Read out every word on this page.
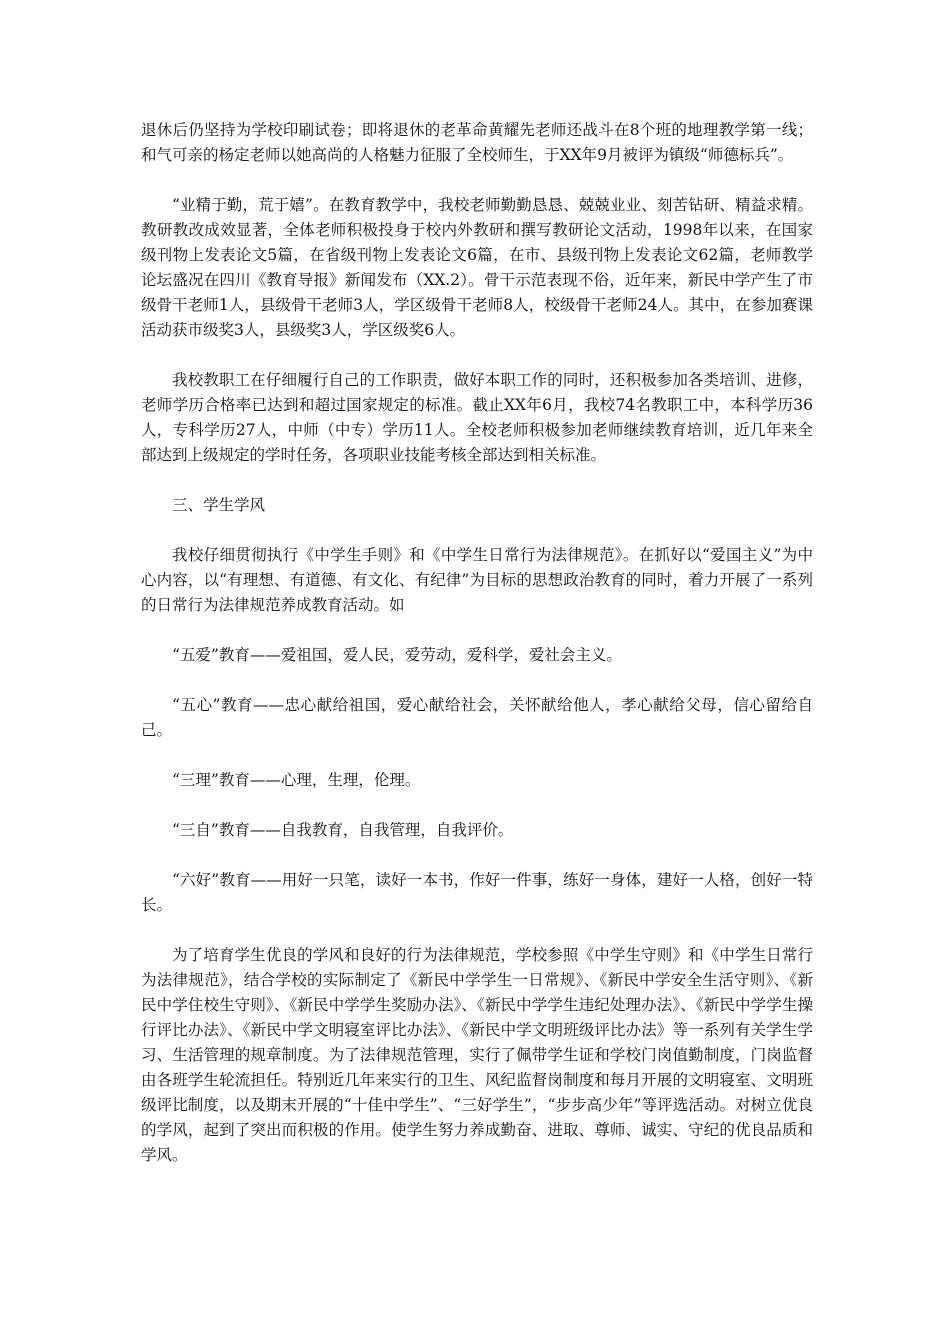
退休后仍坚持为学校印刷试卷；即将退休的老革命黄耀先老师还战斗在8个班的地理教学第一线；和气可亲的杨定老师以她高尚的人格魅力征服了全校师生，于XX年9月被评为镇级“师德标兵”。

“业精于勤，荒于嬉”。在教育教学中，我校老师勤勤恳恳、兢兢业业、刻苦钻研、精益求精。教研教改成效显著，全体老师积极投身于校内外教研和撰写教研论文活动，1998年以来，在国家级刊物上发表论文5篇，在省级刊物上发表论文6篇，在市、县级刊物上发表论文62篇，老师教学论坛盛况在四川《教育导报》新闻发布（XX.2）。骨干示范表现不俗，近年来，新民中学产生了市级骨干老师1人，县级骨干老师3人，学区级骨干老师8人，校级骨干老师24人。其中，在参加赛课活动获市级奖3人，县级奖3人，学区级奖6人。

我校教职工在仔细履行自己的工作职责，做好本职工作的同时，还积极参加各类培训、进修，老师学历合格率已达到和超过国家规定的标准。截止XX年6月，我校74名教职工中，本科学历36人，专科学历27人，中师（中专）学历11人。全校老师积极参加老师继续教育培训，近几年来全部达到上级规定的学时任务，各项职业技能考核全部达到相关标准。

三、学生学风

我校仔细贯彻执行《中学生手则》和《中学生日常行为法律规范》。在抓好以“爱国主义”为中心内容，以“有理想、有道德、有文化、有纪律”为目标的思想政治教育的同时，着力开展了一系列的日常行为法律规范养成教育活动。如

“五爱”教育——爱祖国，爱人民，爱劳动，爱科学，爱社会主义。

“五心”教育——忠心献给祖国，爱心献给社会，关怀献给他人，孝心献给父母，信心留给自己。

“三理”教育——心理，生理，伦理。

“三自”教育——自我教育，自我管理，自我评价。

“六好”教育——用好一只笔，读好一本书，作好一件事，练好一身体，建好一人格，创好一特长。

为了培育学生优良的学风和良好的行为法律规范，学校参照《中学生守则》和《中学生日常行为法律规范》，结合学校的实际制定了《新民中学学生一日常规》、《新民中学安全生活守则》、《新民中学住校生守则》、《新民中学学生奖励办法》、《新民中学学生违纪处理办法》、《新民中学学生操行评比办法》、《新民中学文明寝室评比办法》、《新民中学文明班级评比办法》等一系列有关学生学习、生活管理的规章制度。为了法律规范管理，实行了佩带学生证和学校门岗值勤制度，门岗监督由各班学生轮流担任。特别近几年来实行的卫生、风纪监督岗制度和每月开展的文明寝室、文明班级评比制度，以及期末开展的“十佳中学生”、“三好学生”，“步步高少年”等评选活动。对树立优良的学风，起到了突出而积极的作用。使学生努力养成勤奋、进取、尊师、诚实、守纪的优良品质和学风。
